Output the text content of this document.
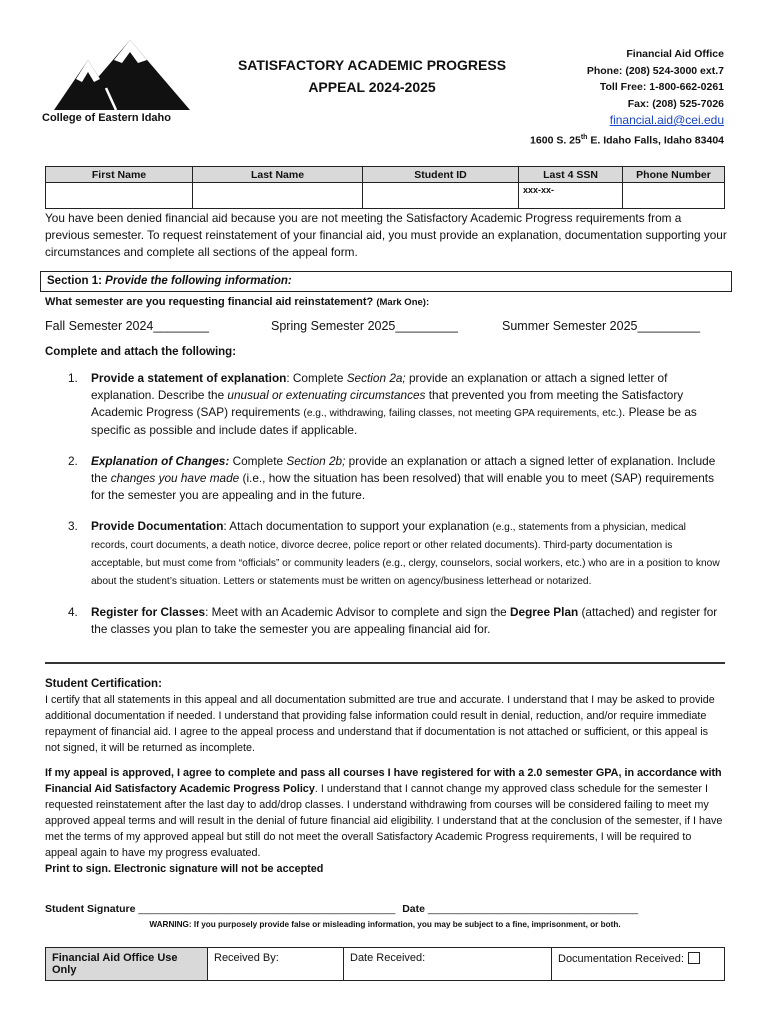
College of Eastern Idaho
SATISFACTORY ACADEMIC PROGRESS
APPEAL 2024-2025
Financial Aid Office
Phone: (208) 524-3000 ext.7
Toll Free: 1-800-662-0261
Fax: (208) 525-7026
financial.aid@cei.edu
1600 S. 25th E. Idaho Falls, Idaho 83404
First Name	Last Name	Student ID	Last 4 SSN	Phone Number
			xxx-xx-	
You have been denied financial aid because you are not meeting the Satisfactory Academic Progress requirements from a previous semester. To request reinstatement of your financial aid, you must provide an explanation, documentation supporting your circumstances and complete all sections of the appeal form.
Section 1: Provide the following information:
What semester are you requesting financial aid reinstatement? (Mark One):
Fall Semester 2024________	Spring Semester 2025_________	Summer Semester 2025_________
Complete and attach the following:
1. Provide a statement of explanation: Complete Section 2a; provide an explanation or attach a signed letter of explanation. Describe the unusual or extenuating circumstances that prevented you from meeting the Satisfactory Academic Progress (SAP) requirements (e.g., withdrawing, failing classes, not meeting GPA requirements, etc.). Please be as specific as possible and include dates if applicable.
2. Explanation of Changes: Complete Section 2b; provide an explanation or attach a signed letter of explanation. Include the changes you have made (i.e., how the situation has been resolved) that will enable you to meet (SAP) requirements for the semester you are appealing and in the future.
3. Provide Documentation: Attach documentation to support your explanation (e.g., statements from a physician, medical records, court documents, a death notice, divorce decree, police report or other related documents). Third-party documentation is acceptable, but must come from “officials” or community leaders (e.g., clergy, counselors, social workers, etc.) who are in a position to know about the student’s situation. Letters or statements must be written on agency/business letterhead or notarized.
4. Register for Classes: Meet with an Academic Advisor to complete and sign the Degree Plan (attached) and register for the classes you plan to take the semester you are appealing financial aid for.
Student Certification:
I certify that all statements in this appeal and all documentation submitted are true and accurate. I understand that I may be asked to provide additional documentation if needed. I understand that providing false information could result in denial, reduction, and/or require immediate repayment of financial aid. I agree to the appeal process and understand that if documentation is not attached or sufficient, or this appeal is not signed, it will be returned as incomplete.
If my appeal is approved, I agree to complete and pass all courses I have registered for with a 2.0 semester GPA, in accordance with Financial Aid Satisfactory Academic Progress Policy. I understand that I cannot change my approved class schedule for the semester I requested reinstatement after the last day to add/drop classes. I understand withdrawing from courses will be considered failing to meet my approved appeal terms and will result in the denial of future financial aid eligibility. I understand that at the conclusion of the semester, if I have met the terms of my approved appeal but still do not meet the overall Satisfactory Academic Progress requirements, I will be required to appeal again to have my progress evaluated.
Print to sign. Electronic signature will not be accepted
Student Signature ____________________________________________ Date ____________________________________
WARNING: If you purposely provide false or misleading information, you may be subject to a fine, imprisonment, or both.
Financial Aid Office Use Only	Received By:	Date Received:	Documentation Received:
